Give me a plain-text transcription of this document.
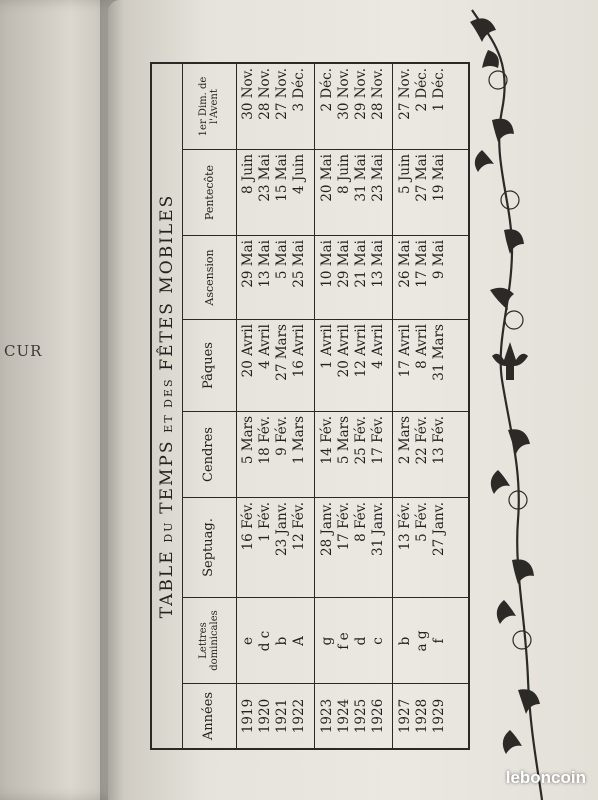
CUR
TABLE DU TEMPS ET DES FÊTES MOBILES
Années
Lettres dominicales
Septuag.
Cendres
Pâques
Ascension
Pentecôte
1er Dim. de l'Avent
1919
e
16 Fév.
5 Mars
20 Avril
29 Mai
8 Juin
30 Nov.
1920
d c
1 Fév.
18 Fév.
4 Avril
13 Mai
23 Mai
28 Nov.
1921
b
23 Janv.
9 Fév.
27 Mars
5 Mai
15 Mai
27 Nov.
1922
A
12 Fév.
1 Mars
16 Avril
25 Mai
4 Juin
3 Déc.
1923
g
28 Janv.
14 Fév.
1 Avril
10 Mai
20 Mai
2 Déc.
1924
f e
17 Fév.
5 Mars
20 Avril
29 Mai
8 Juin
30 Nov.
1925
d
8 Fév.
25 Fév.
12 Avril
21 Mai
31 Mai
29 Nov.
1926
c
31 Janv.
17 Fév.
4 Avril
13 Mai
23 Mai
28 Nov.
1927
b
13 Fév.
2 Mars
17 Avril
26 Mai
5 Juin
27 Nov.
1928
a g
5 Fév.
22 Fév.
8 Avril
17 Mai
27 Mai
2 Déc.
1929
f
27 Janv.
13 Fév.
31 Mars
9 Mai
19 Mai
1 Déc.
leboncoin
